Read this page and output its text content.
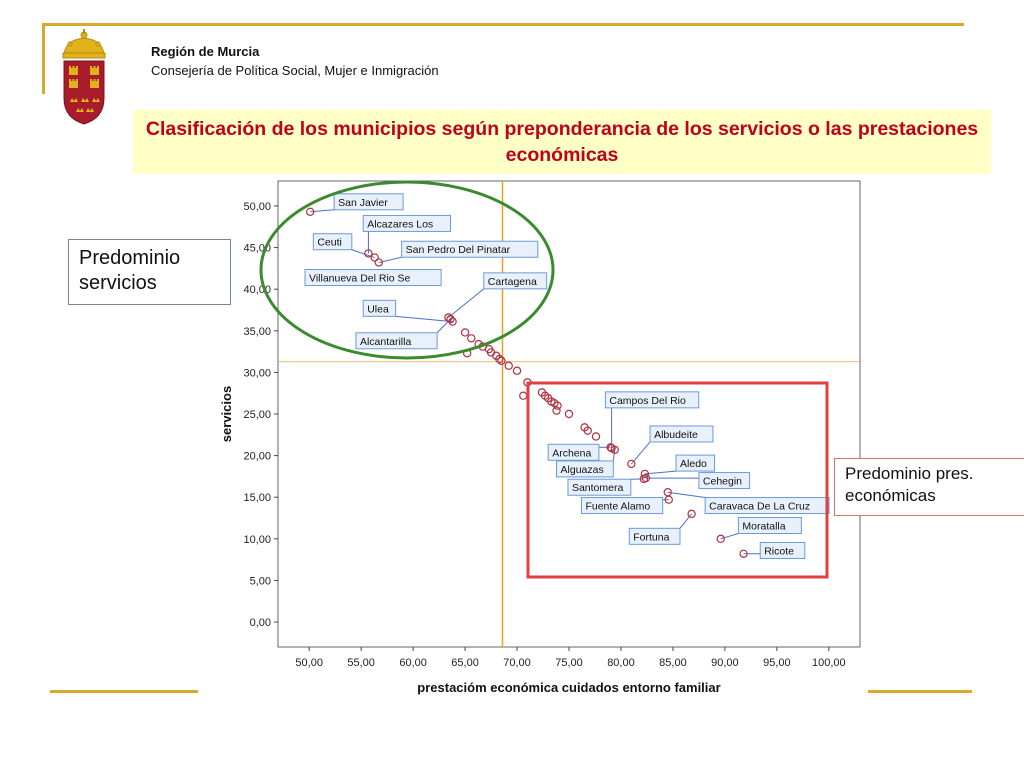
Región de Murcia
Consejería de Política Social, Mujer e Inmigración
Clasificación de los municipios según preponderancia de los servicios o las prestaciones económicas
50,00 55,00 60,00 65,00 70,00 75,00 80,00 85,00 90,00 95,00 100,00
0,00
5,00
10,00
15,00
20,00
25,00
30,00
35,00
40,00
45,00
50,00	San Javier
Alcazares Los
Ceuti
San Pedro Del Pinatar
Villanueva Del Rio Se	Cartagena
Ulea
Alcantarilla
Campos Del Rio
Albudeite
Archena
Aledo
Alguazas
Cehegin
Santomera
Caravaca De La Cruz
Fuente Alamo
Fortuna
Moratalla
Ricote
prestacióm económica cuidados entorno familiar
servicios
Predominio servicios
Predominio pres. económicas
